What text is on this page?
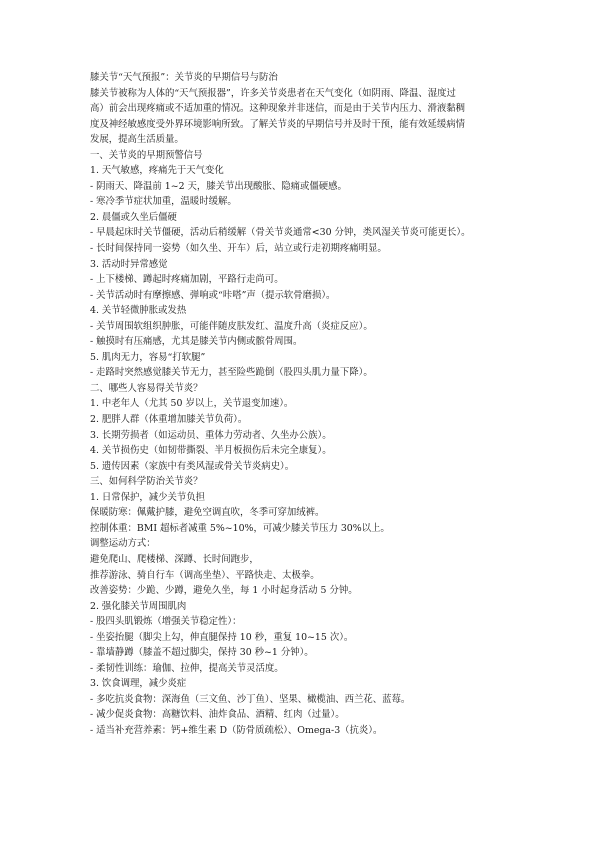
膝关节“天气预报”：关节炎的早期信号与防治
膝关节被称为人体的“天气预报器”，许多关节炎患者在天气变化（如阴雨、降温、湿度过
高）前会出现疼痛或不适加重的情况。这种现象并非迷信，而是由于关节内压力、滑液黏稠
度及神经敏感度受外界环境影响所致。了解关节炎的早期信号并及时干预，能有效延缓病情
发展，提高生活质量。
一、关节炎的早期预警信号
1. 天气敏感，疼痛先于天气变化
- 阴雨天、降温前 1~2 天，膝关节出现酸胀、隐痛或僵硬感。
- 寒冷季节症状加重，温暖时缓解。
2. 晨僵或久坐后僵硬
- 早晨起床时关节僵硬，活动后稍缓解（骨关节炎通常<30 分钟，类风湿关节炎可能更长）。
- 长时间保持同一姿势（如久坐、开车）后，站立或行走初期疼痛明显。
3. 活动时异常感觉
- 上下楼梯、蹲起时疼痛加剧，平路行走尚可。
- 关节活动时有摩擦感、弹响或“咔嗒”声（提示软骨磨损）。
4. 关节轻微肿胀或发热
- 关节周围软组织肿胀，可能伴随皮肤发红、温度升高（炎症反应）。
- 触摸时有压痛感，尤其是膝关节内侧或髌骨周围。
5. 肌肉无力，容易“打软腿”
- 走路时突然感觉膝关节无力，甚至险些跪倒（股四头肌力量下降）。
二、哪些人容易得关节炎？
1. 中老年人（尤其 50 岁以上，关节退变加速）。
2. 肥胖人群（体重增加膝关节负荷）。
3. 长期劳损者（如运动员、重体力劳动者、久坐办公族）。
4. 关节损伤史（如韧带撕裂、半月板损伤后未完全康复）。
5. 遗传因素（家族中有类风湿或骨关节炎病史）。
三、如何科学防治关节炎？
1. 日常保护，减少关节负担
保暖防寒：佩戴护膝，避免空调直吹，冬季可穿加绒裤。
控制体重：BMI 超标者减重 5%~10%，可减少膝关节压力 30%以上。
调整运动方式：
避免爬山、爬楼梯、深蹲、长时间跑步，
推荐游泳、骑自行车（调高坐垫）、平路快走、太极拳。
改善姿势：少跪、少蹲，避免久坐，每 1 小时起身活动 5 分钟。
2. 强化膝关节周围肌肉
- 股四头肌锻炼（增强关节稳定性）：
- 坐姿抬腿（脚尖上勾，伸直腿保持 10 秒，重复 10~15 次）。
- 靠墙静蹲（膝盖不超过脚尖，保持 30 秒~1 分钟）。
- 柔韧性训练：瑜伽、拉伸，提高关节灵活度。
3. 饮食调理，减少炎症
- 多吃抗炎食物：深海鱼（三文鱼、沙丁鱼）、坚果、橄榄油、西兰花、蓝莓。
- 减少促炎食物：高糖饮料、油炸食品、酒精、红肉（过量）。
- 适当补充营养素：钙+维生素 D（防骨质疏松）、Omega-3（抗炎）。
